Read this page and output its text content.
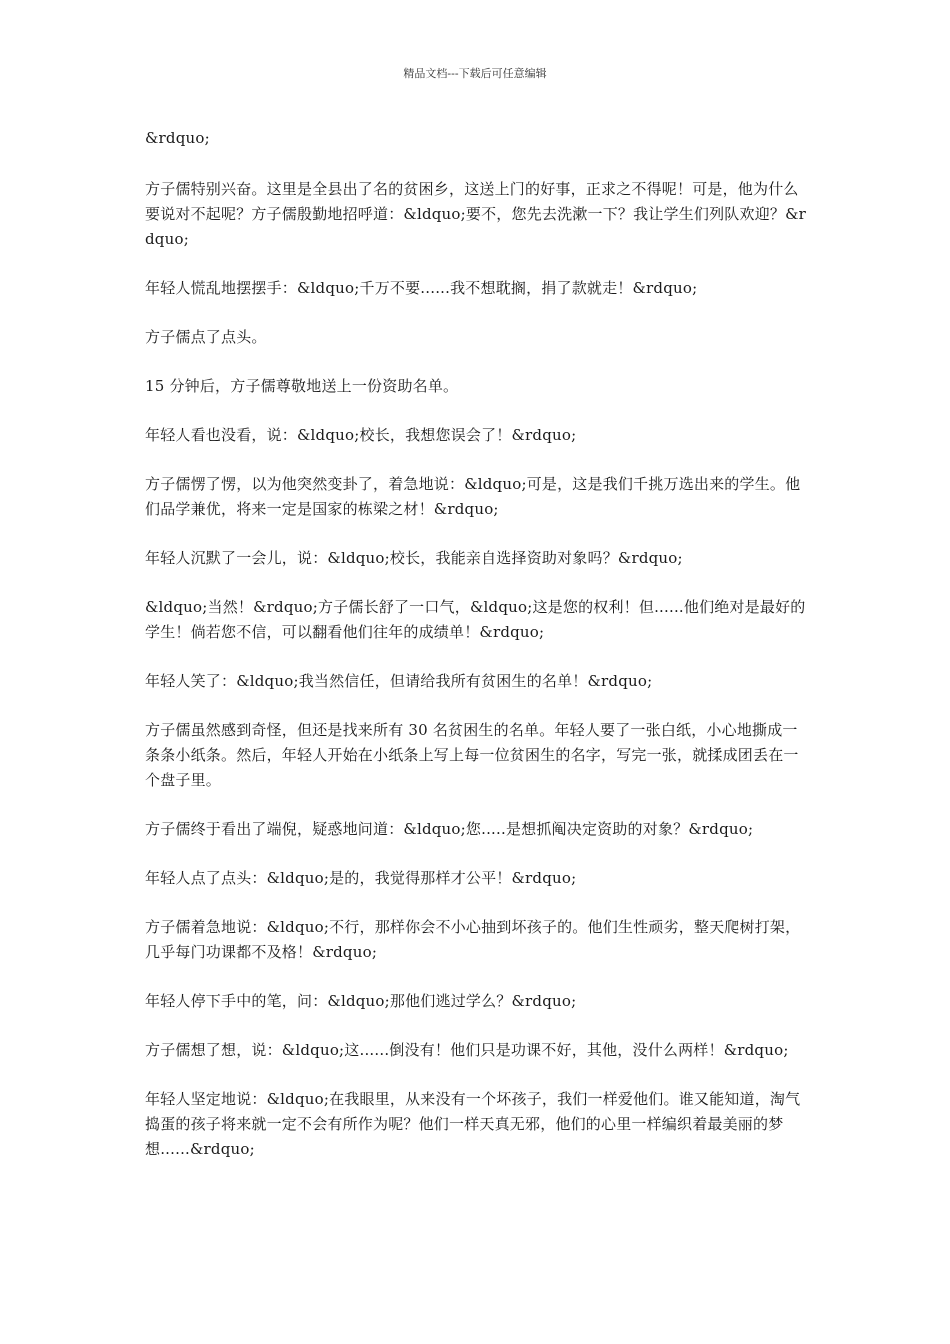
精品文档---下载后可任意编辑

&rdquo;

方子儒特别兴奋。这里是全县出了名的贫困乡，这送上门的好事，正求之不得呢！可是，他为什么要说对不起呢？方子儒殷勤地招呼道：&ldquo;要不，您先去洗漱一下？我让学生们列队欢迎？&rdquo;

年轻人慌乱地摆摆手：&ldquo;千万不要......我不想耽搁，捐了款就走！&rdquo;

方子儒点了点头。

15 分钟后，方子儒尊敬地送上一份资助名单。

年轻人看也没看，说：&ldquo;校长，我想您误会了！&rdquo;

方子儒愣了愣，以为他突然变卦了，着急地说：&ldquo;可是，这是我们千挑万选出来的学生。他们品学兼优，将来一定是国家的栋梁之材！&rdquo;

年轻人沉默了一会儿，说：&ldquo;校长，我能亲自选择资助对象吗？&rdquo;

&ldquo;当然！&rdquo;方子儒长舒了一口气，&ldquo;这是您的权利！但......他们绝对是最好的学生！倘若您不信，可以翻看他们往年的成绩单！&rdquo;

年轻人笑了：&ldquo;我当然信任，但请给我所有贫困生的名单！&rdquo;

方子儒虽然感到奇怪，但还是找来所有 30 名贫困生的名单。年轻人要了一张白纸，小心地撕成一条条小纸条。然后，年轻人开始在小纸条上写上每一位贫困生的名字，写完一张，就揉成团丢在一个盘子里。

方子儒终于看出了端倪，疑惑地问道：&ldquo;您.....是想抓阄决定资助的对象？&rdquo;

年轻人点了点头：&ldquo;是的，我觉得那样才公平！&rdquo;

方子儒着急地说：&ldquo;不行，那样你会不小心抽到坏孩子的。他们生性顽劣，整天爬树打架，几乎每门功课都不及格！&rdquo;

年轻人停下手中的笔，问：&ldquo;那他们逃过学么？&rdquo;

方子儒想了想，说：&ldquo;这......倒没有！他们只是功课不好，其他，没什么两样！&rdquo;

年轻人坚定地说：&ldquo;在我眼里，从来没有一个坏孩子，我们一样爱他们。谁又能知道，淘气捣蛋的孩子将来就一定不会有所作为呢？他们一样天真无邪，他们的心里一样编织着最美丽的梦想......&rdquo;
